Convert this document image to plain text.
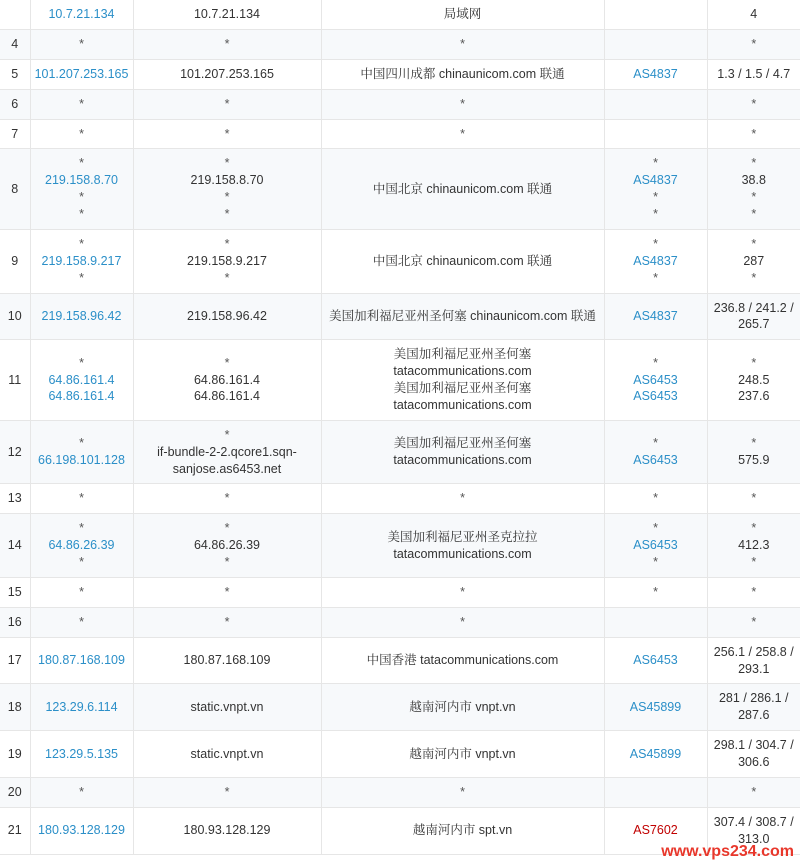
	10.7.21.134	10.7.21.134	局域网		4

4	*	*	*		*

5	101.207.253.165	101.207.253.165	中国四川成都 chinaunicom.com 联通	AS4837	1.3 / 1.5 / 4.7

6	*	*	*		*

7	*	*	*		*

8	*
219.158.8.70
*
*	*
219.158.8.70
*
*	中国北京 chinaunicom.com 联通	*
AS4837
*
*	*
38.8
*
*

9	*
219.158.9.217
*	*
219.158.9.217
*	中国北京 chinaunicom.com 联通	*
AS4837
*	*
287
*

10	219.158.96.42	219.158.96.42	美国加利福尼亚州圣何塞 chinaunicom.com 联通	AS4837	236.8 / 241.2 / 265.7

11	*
64.86.161.4
64.86.161.4	*
64.86.161.4
64.86.161.4	美国加利福尼亚州圣何塞 tatacommunications.com
美国加利福尼亚州圣何塞 tatacommunications.com	*
AS6453
AS6453	*
248.5
237.6

12	*
66.198.101.128	*
if-bundle-2-2.qcore1.sqn-sanjose.as6453.net	美国加利福尼亚州圣何塞 tatacommunications.com	*
AS6453	*
575.9

13	*	*	*	*	*

14	*
64.86.26.39
*	*
64.86.26.39
*	美国加利福尼亚州圣克拉拉 tatacommunications.com	*
AS6453
*	*
412.3
*

15	*	*	*	*	*

16	*	*	*		*

17	180.87.168.109	180.87.168.109	中国香港 tatacommunications.com	AS6453	256.1 / 258.8 / 293.1

18	123.29.6.114	static.vnpt.vn	越南河内市 vnpt.vn	AS45899	281 / 286.1 / 287.6

19	123.29.5.135	static.vnpt.vn	越南河内市 vnpt.vn	AS45899	298.1 / 304.7 / 306.6

20	*	*	*		*

21	180.93.128.129	180.93.128.129	越南河内市 spt.vn	AS7602	307.4 / 308.7 / 313.0
www.vps234.com
